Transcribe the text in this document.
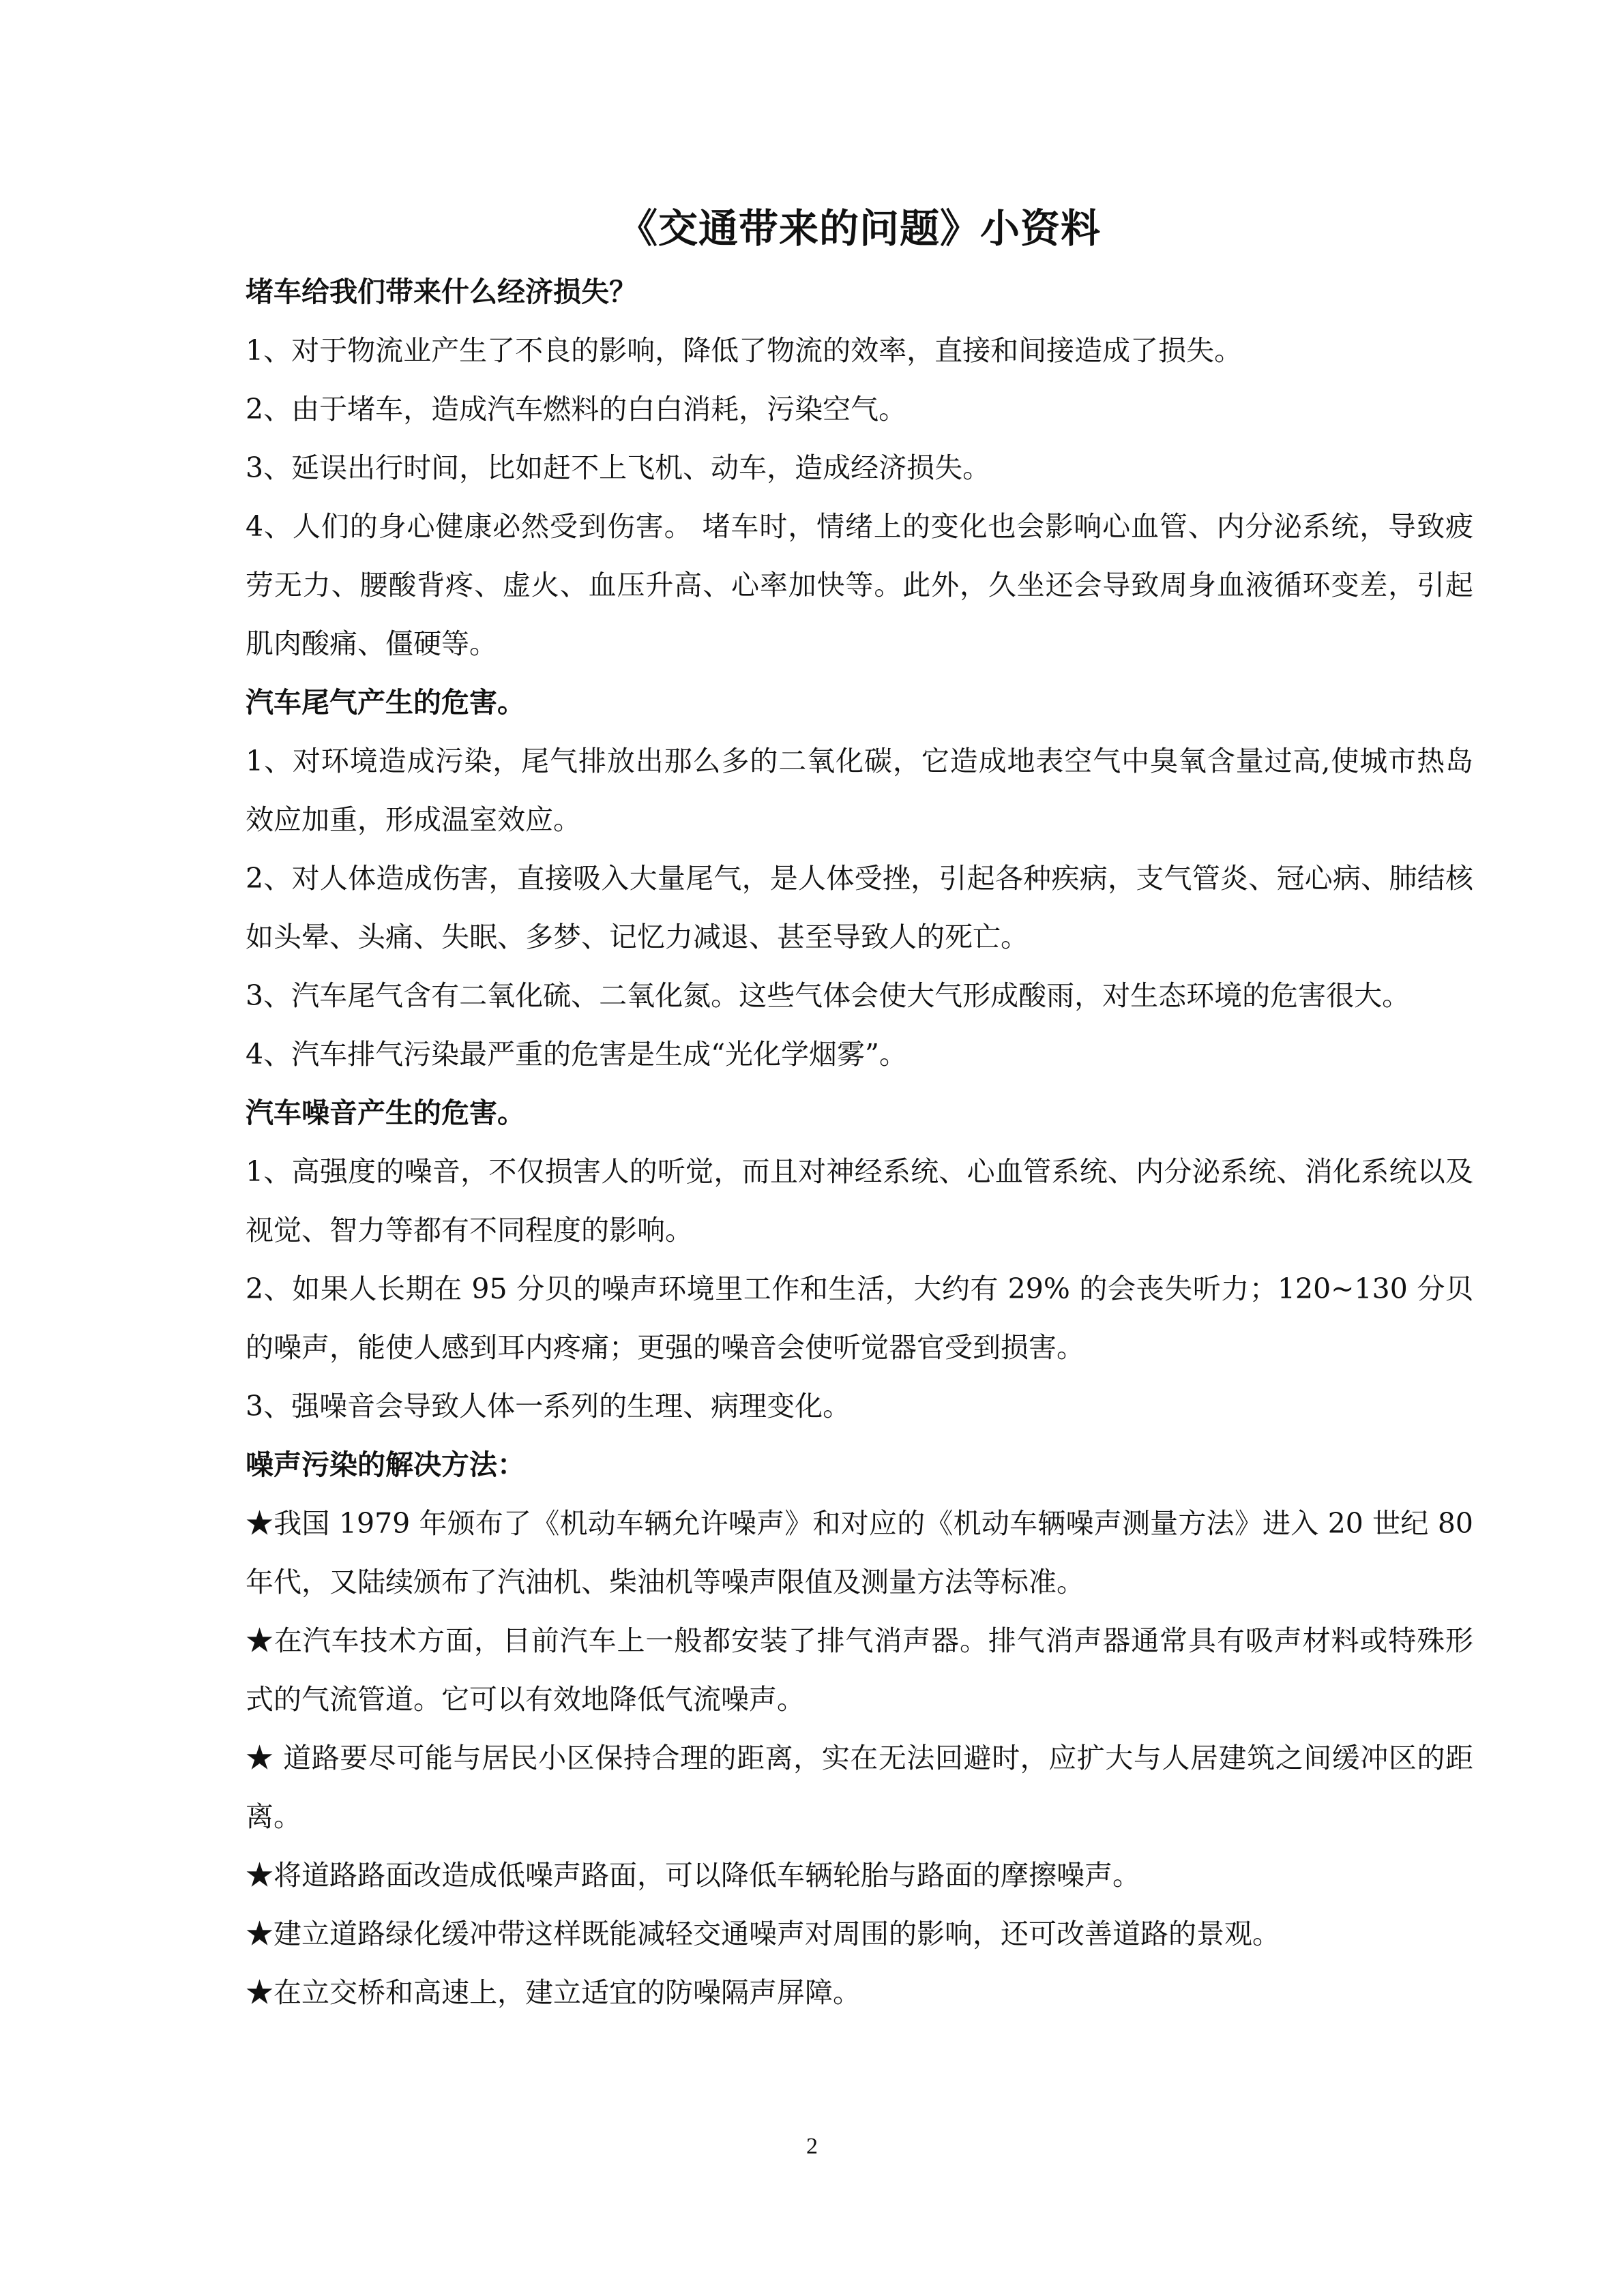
《交通带来的问题》小资料

堵车给我们带来什么经济损失？

1、对于物流业产生了不良的影响，降低了物流的效率，直接和间接造成了损失。

2、由于堵车，造成汽车燃料的白白消耗，污染空气。

3、延误出行时间，比如赶不上飞机、动车，造成经济损失。

4、人们的身心健康必然受到伤害。 堵车时，情绪上的变化也会影响心血管、内分泌系统，导致疲劳无力、腰酸背疼、虚火、血压升高、心率加快等。此外，久坐还会导致周身血液循环变差，引起肌肉酸痛、僵硬等。

汽车尾气产生的危害。

1、对环境造成污染，尾气排放出那么多的二氧化碳，它造成地表空气中臭氧含量过高,使城市热岛效应加重，形成温室效应。

2、对人体造成伤害，直接吸入大量尾气，是人体受挫，引起各种疾病，支气管炎、冠心病、肺结核如头晕、头痛、失眠、多梦、记忆力减退、甚至导致人的死亡。

3、汽车尾气含有二氧化硫、二氧化氮。这些气体会使大气形成酸雨，对生态环境的危害很大。

4、汽车排气污染最严重的危害是生成“光化学烟雾”。

汽车噪音产生的危害。

1、高强度的噪音，不仅损害人的听觉，而且对神经系统、心血管系统、内分泌系统、消化系统以及视觉、智力等都有不同程度的影响。

2、如果人长期在 95 分贝的噪声环境里工作和生活，大约有 29% 的会丧失听力；120~130 分贝的噪声，能使人感到耳内疼痛；更强的噪音会使听觉器官受到损害。

3、强噪音会导致人体一系列的生理、病理变化。

噪声污染的解决方法：

★我国 1979 年颁布了《机动车辆允许噪声》和对应的《机动车辆噪声测量方法》进入 20 世纪 80 年代，又陆续颁布了汽油机、柴油机等噪声限值及测量方法等标准。

★在汽车技术方面，目前汽车上一般都安装了排气消声器。排气消声器通常具有吸声材料或特殊形式的气流管道。它可以有效地降低气流噪声。

★ 道路要尽可能与居民小区保持合理的距离，实在无法回避时，应扩大与人居建筑之间缓冲区的距离。

★将道路路面改造成低噪声路面，可以降低车辆轮胎与路面的摩擦噪声。

★建立道路绿化缓冲带这样既能减轻交通噪声对周围的影响，还可改善道路的景观。

★在立交桥和高速上，建立适宜的防噪隔声屏障。

2
